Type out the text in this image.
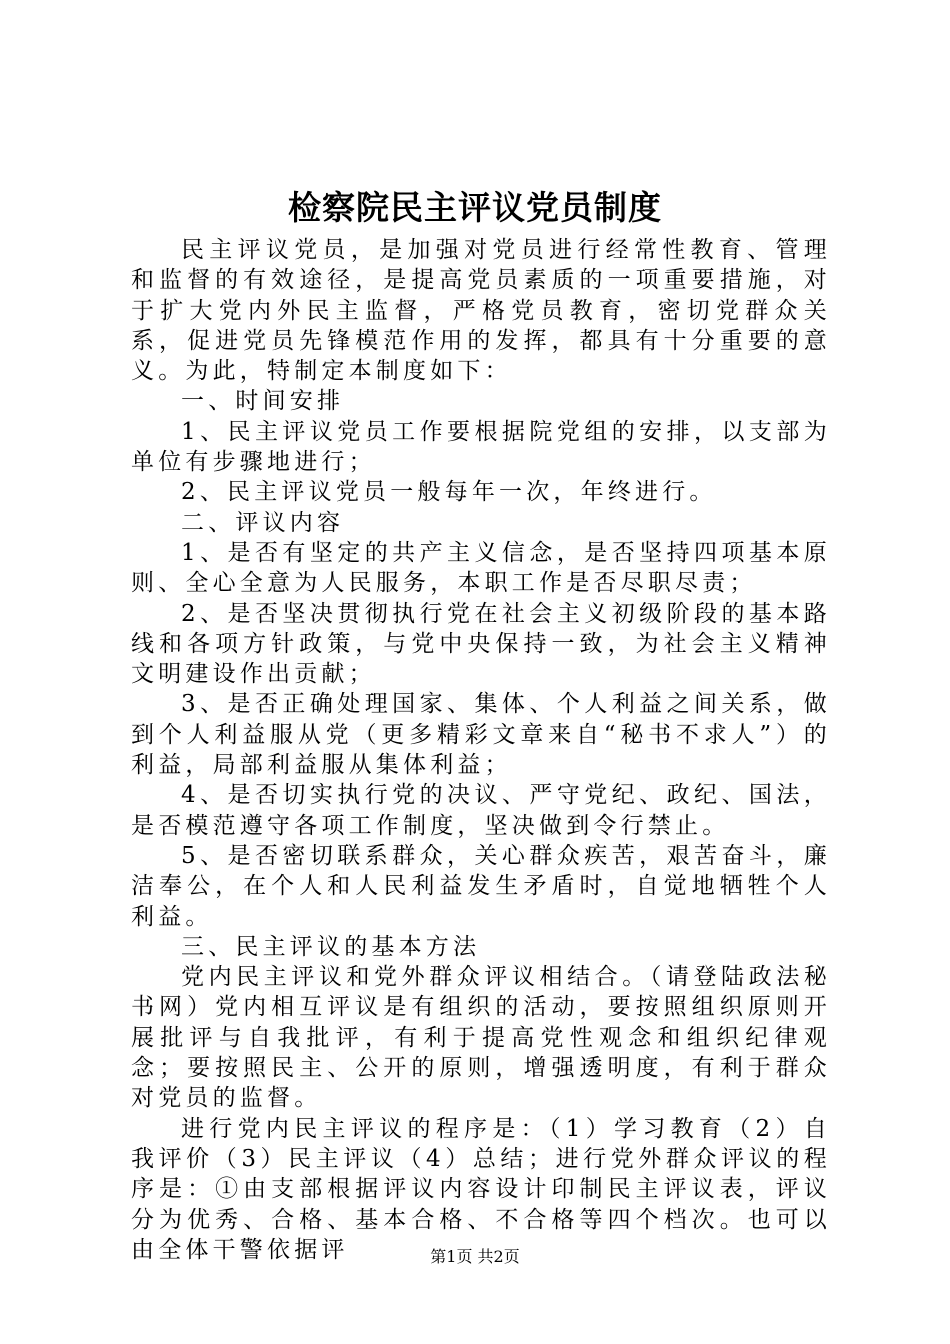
检察院民主评议党员制度

民主评议党员，是加强对党员进行经常性教育、管理和监督的有效途径，是提高党员素质的一项重要措施，对于扩大党内外民主监督，严格党员教育，密切党群众关系，促进党员先锋模范作用的发挥，都具有十分重要的意义。为此，特制定本制度如下：

一、时间安排

1、民主评议党员工作要根据院党组的安排，以支部为单位有步骤地进行；

2、民主评议党员一般每年一次，年终进行。

二、评议内容

1、是否有坚定的共产主义信念，是否坚持四项基本原则、全心全意为人民服务，本职工作是否尽职尽责；

2、是否坚决贯彻执行党在社会主义初级阶段的基本路线和各项方针政策，与党中央保持一致，为社会主义精神文明建设作出贡献；

3、是否正确处理国家、集体、个人利益之间关系，做到个人利益服从党（更多精彩文章来自“秘书不求人”）的利益，局部利益服从集体利益；

4、是否切实执行党的决议、严守党纪、政纪、国法，是否模范遵守各项工作制度，坚决做到令行禁止。

5、是否密切联系群众，关心群众疾苦，艰苦奋斗，廉洁奉公，在个人和人民利益发生矛盾时，自觉地牺牲个人利益。

三、民主评议的基本方法

党内民主评议和党外群众评议相结合。（请登陆政法秘书网）党内相互评议是有组织的活动，要按照组织原则开展批评与自我批评，有利于提高党性观念和组织纪律观念；要按照民主、公开的原则，增强透明度，有利于群众对党员的监督。

进行党内民主评议的程序是：（1）学习教育（2）自我评价（3）民主评议（4）总结；进行党外群众评议的程序是：①由支部根据评议内容设计印制民主评议表，评议分为优秀、合格、基本合格、不合格等四个档次。也可以由全体干警依据评	第1页 共2页
